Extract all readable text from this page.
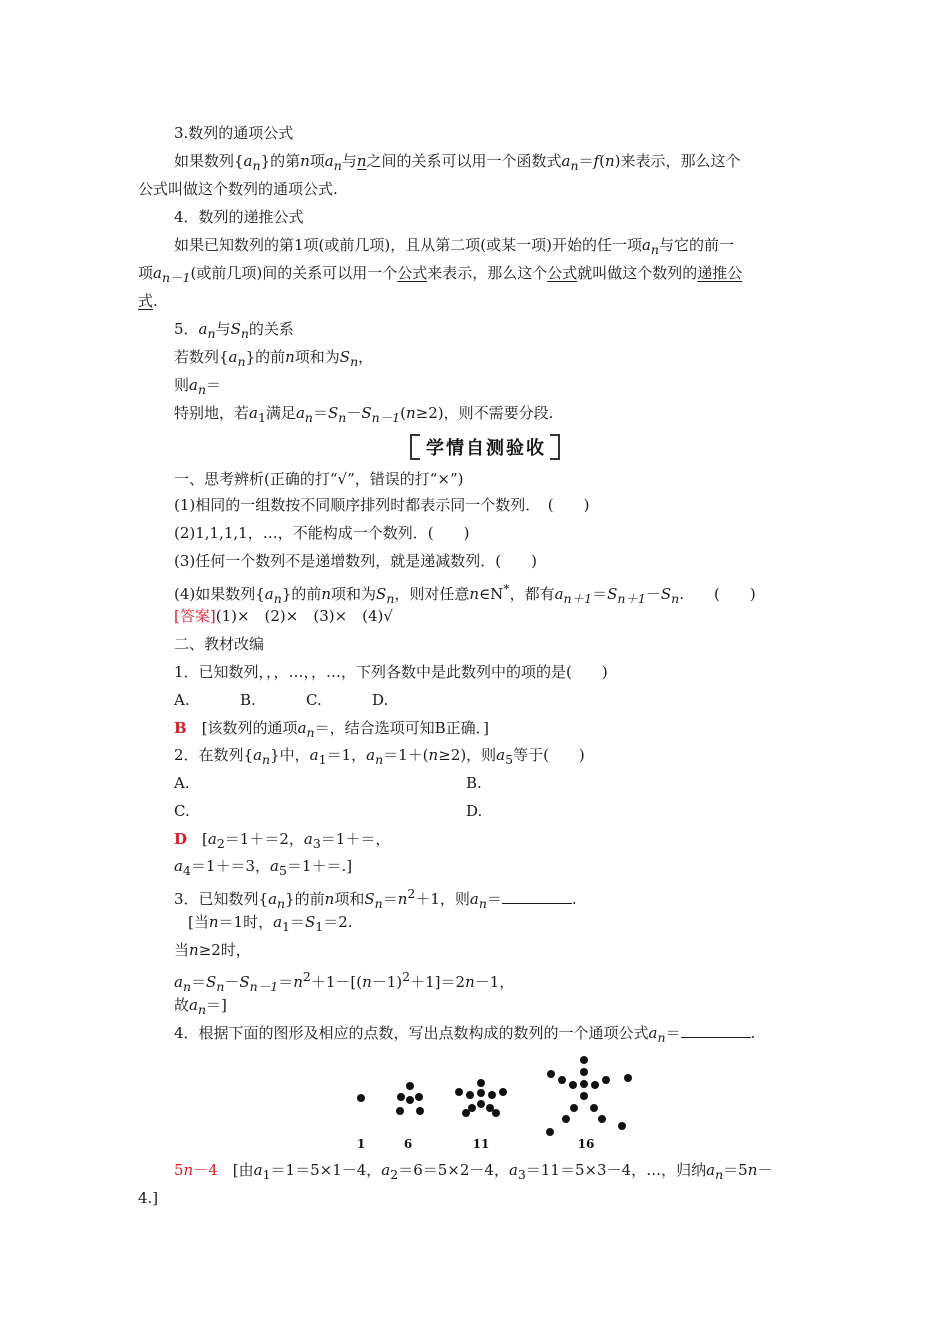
3.数列的通项公式
如果数列$\{a_n\}$的第n项$a_n$与n之间的关系可以用一个函数式$a_n=f(n)$来表示，那么这个
公式叫做这个数列的通项公式.
4．数列的递推公式
如果已知数列的第1项(或前几项)，且从第二项(或某一项)开始的任一项$a_n$与它的前一
项$a_{n-1}$(或前几项)间的关系可以用一个公式来表示，那么这个公式就叫做这个数列的递推公
式.
5．$a_n$与$S_n$的关系
若数列$\{a_n\}$的前n项和为$S_n$，
则$a_n=$
特别地，若$a_1$满足$a_n=S_n-S_{n-1}(n\ge 2)$，则不需要分段.
学情自测验收
一、思考辨析(正确的打“√”，错误的打“×”)
(1)相同的一组数按不同顺序排列时都表示同一个数列．　(　　)
(2)1,1,1,1，…，不能构成一个数列．(　　)
(3)任何一个数列不是递增数列，就是递减数列．(　　)
(4)如果数列$\{a_n\}$的前n项和为$S_n$，则对任意n∈N*，都有$a_{n+1}=S_{n+1}-S_n$.　　(　　)
[答案](1)×　(2)×　(3)×　(4)√
二、教材改编
1．已知数列，，，…，，…，下列各数中是此数列中的项的是(　　)
A.	B.	C.	D.
B　 [该数列的通项$a_n=$，结合选项可知B正确．]
2．在数列$\{a_n\}$中，$a_1=1$，$a_n=1+(n\ge 2)$，则$a_5$等于(　　)
A.	B.
C.	D.
D　 [$a_2=1+=2$，$a_3=1+=$，
$a_4=1+=3$，$a_5=1+=$.]
3．已知数列$\{a_n\}$的前n项和$S_n=n^2+1$，则$a_n=$	.
[当n＝1时，$a_1=S_1=2$.
当n≥2时，
$a_n=S_n-S_{n-1}=n^2+1-[(n-1)^2+1]=2n-1$，
故$a_n=$]
4．根据下面的图形及相应的点数，写出点数构成的数列的一个通项公式$a_n=$	.
1	6	11	16
5n－4　 [由$a_1=1=5\times 1-4$，$a_2=6=5\times 2-4$，$a_3=11=5\times 3-4$，…，归纳$a_n=5n-$
4.]
